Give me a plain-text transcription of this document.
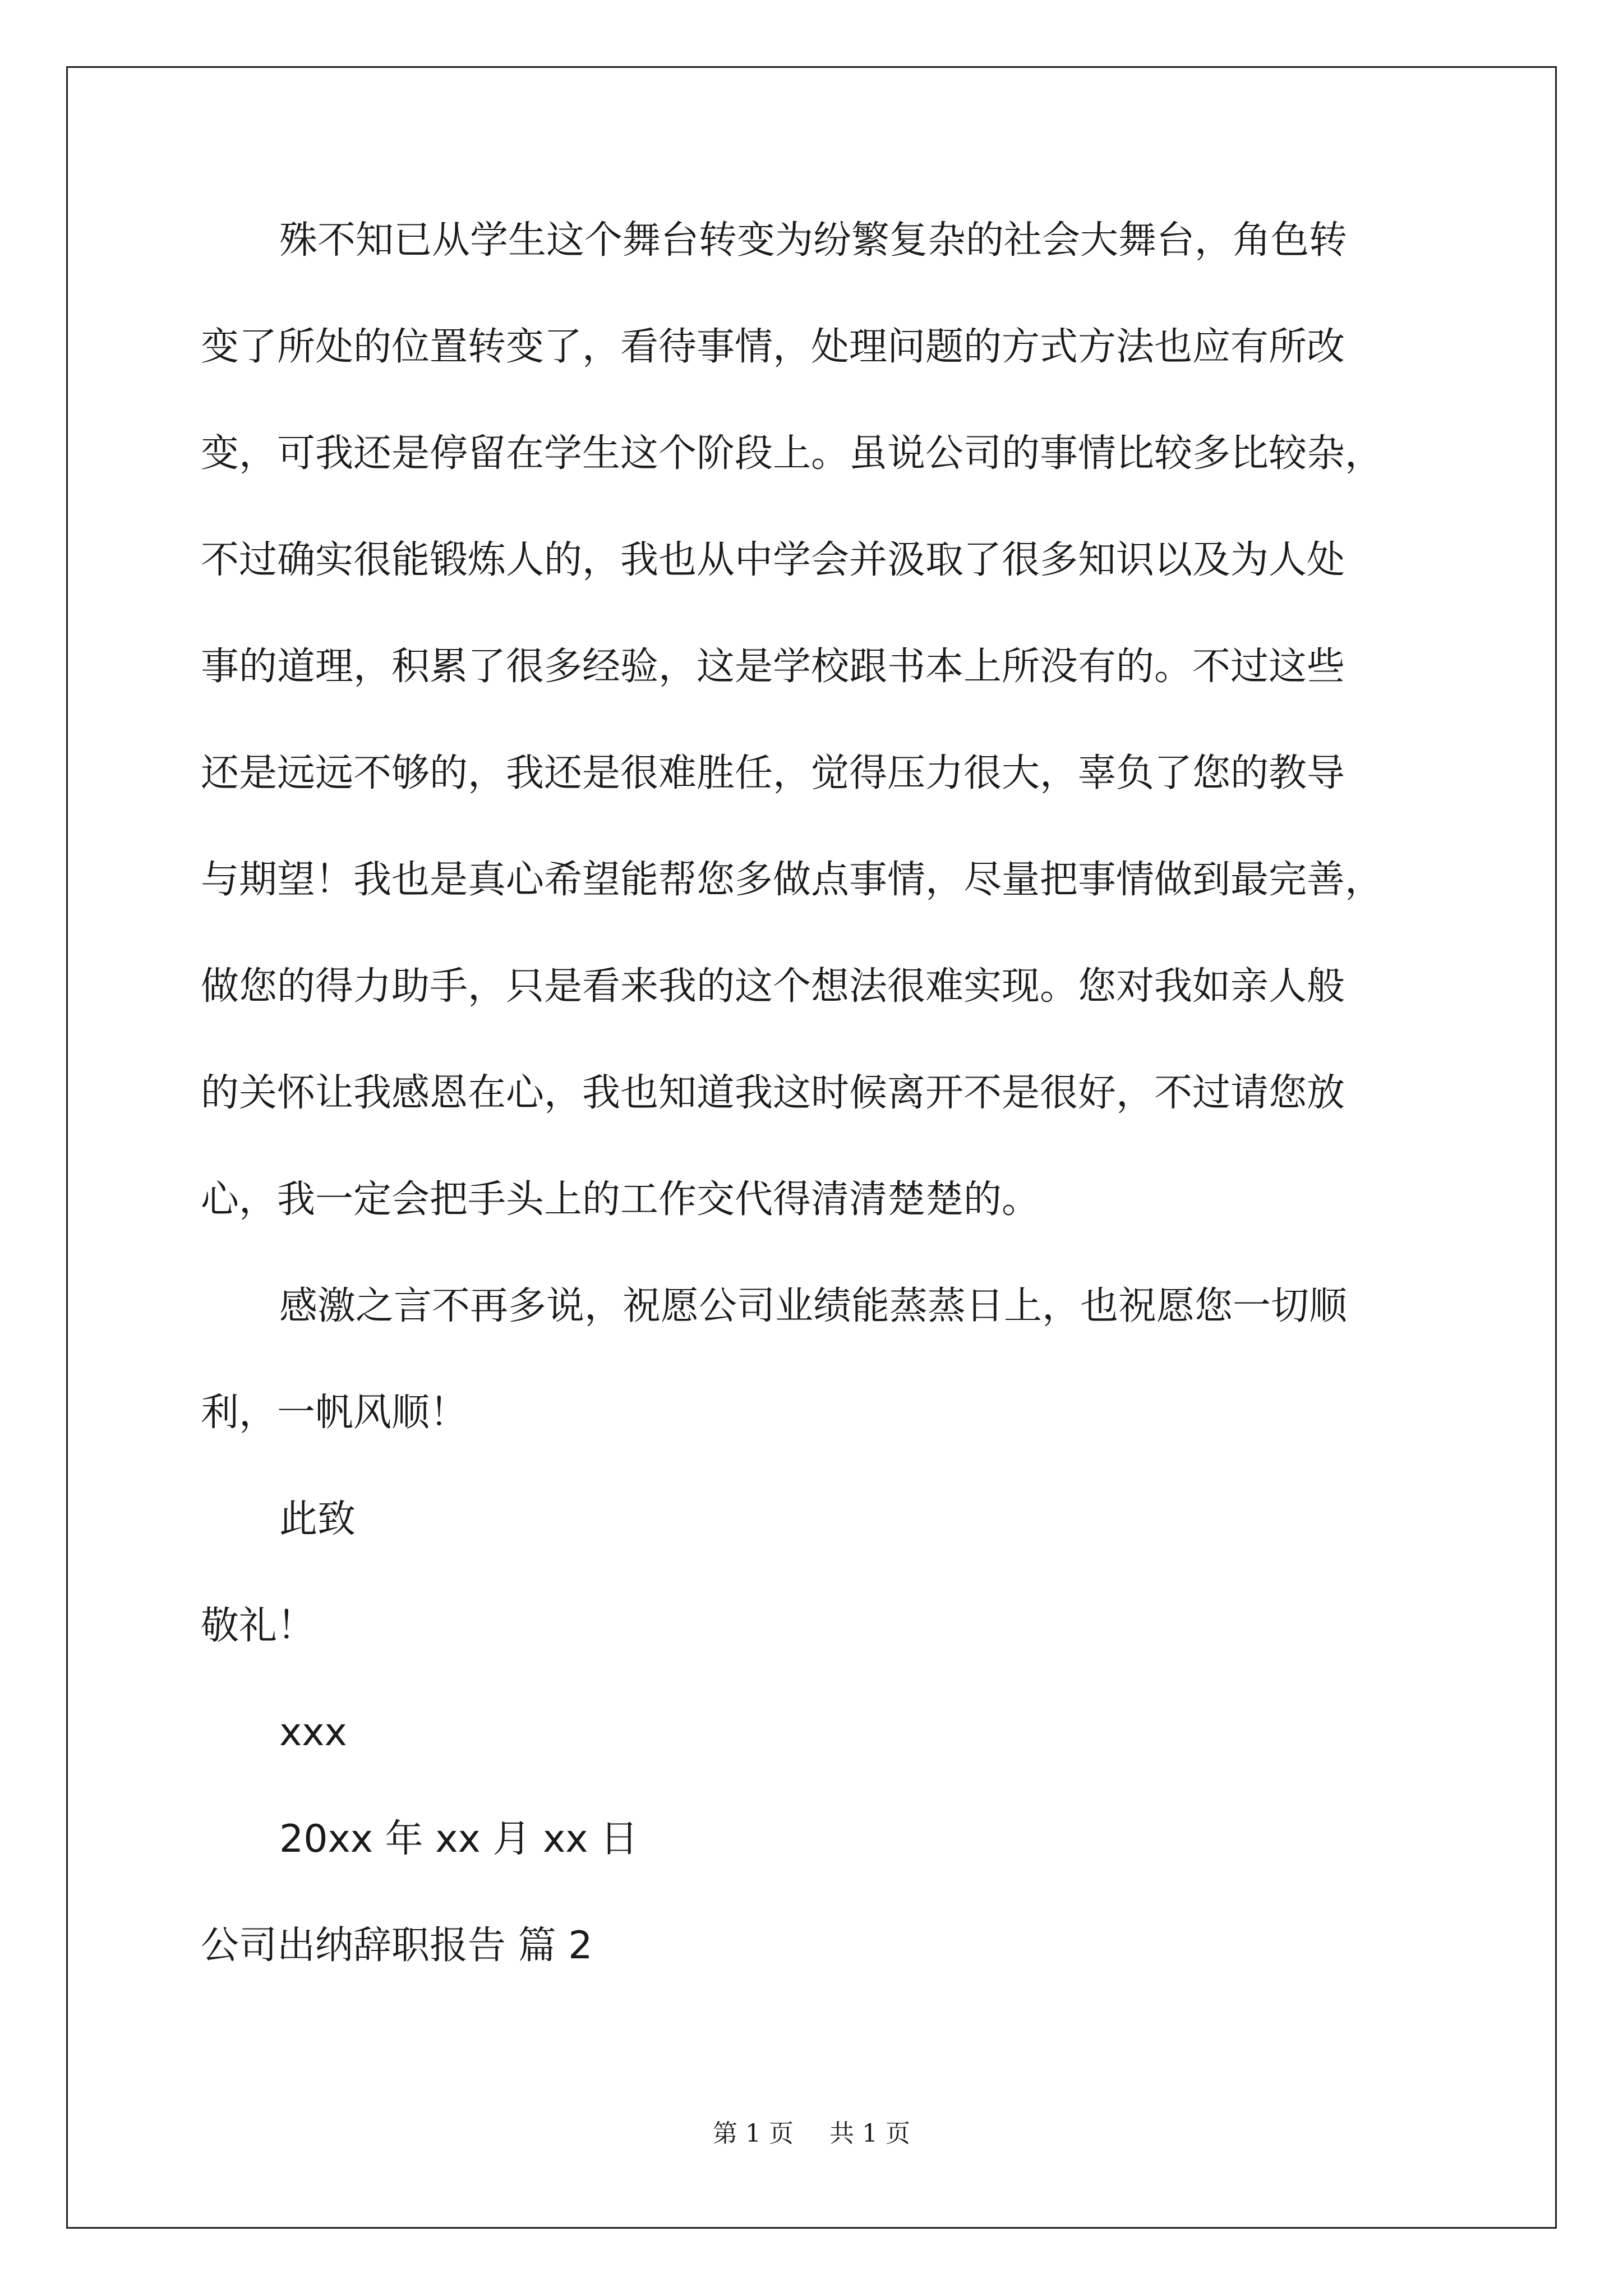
殊不知已从学生这个舞台转变为纷繁复杂的社会大舞台，角色转
变了所处的位置转变了，看待事情，处理问题的方式方法也应有所改
变，可我还是停留在学生这个阶段上。虽说公司的事情比较多比较杂，
不过确实很能锻炼人的，我也从中学会并汲取了很多知识以及为人处
事的道理，积累了很多经验，这是学校跟书本上所没有的。不过这些
还是远远不够的，我还是很难胜任，觉得压力很大，辜负了您的教导
与期望！我也是真心希望能帮您多做点事情，尽量把事情做到最完善，
做您的得力助手，只是看来我的这个想法很难实现。您对我如亲人般
的关怀让我感恩在心，我也知道我这时候离开不是很好，不过请您放
心，我一定会把手头上的工作交代得清清楚楚的。
感激之言不再多说，祝愿公司业绩能蒸蒸日上，也祝愿您一切顺
利，一帆风顺！
此致
敬礼！
xxx
20xx 年 xx 月 xx 日
公司出纳辞职报告 篇 2
第 1 页 共 1 页
